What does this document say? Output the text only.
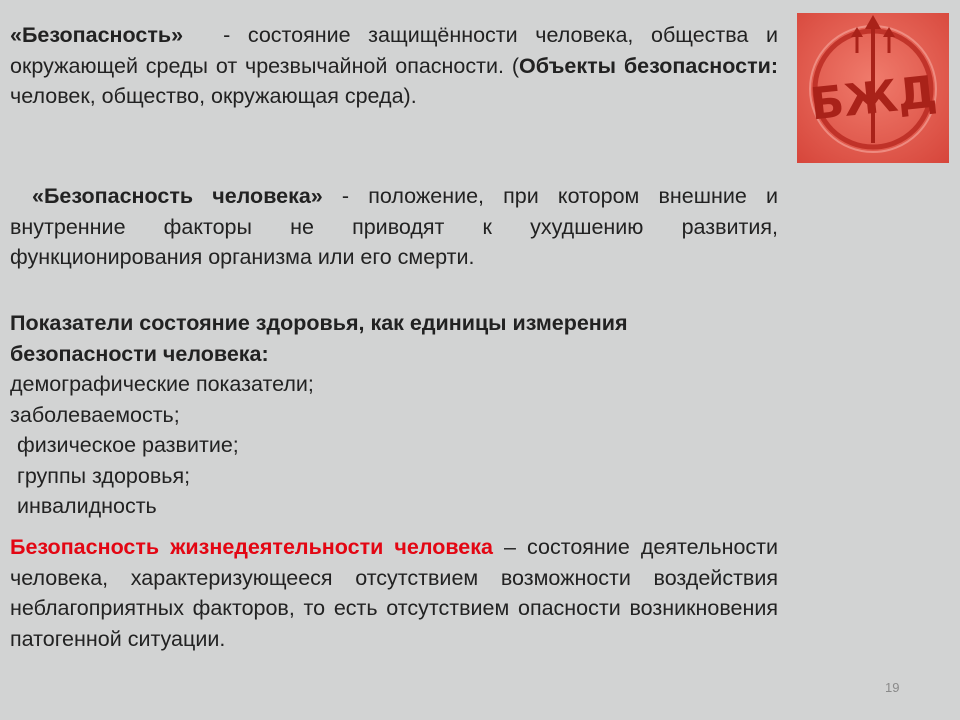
«Безопасность» - состояние защищённости человека, общества и окружающей среды от чрезвычайной опасности. (Объекты безопасности: человек, общество, окружающая среда).
«Безопасность человека» - положение, при котором внешние и внутренние факторы не приводят к ухудшению развития, функционирования организма или его смерти.
Показатели состояние здоровья, как единицы измерения безопасности человека:
демографические показатели;
заболеваемость;
физическое развитие;
группы здоровья;
инвалидность
Безопасность жизнедеятельности человека – состояние деятельности человека, характеризующееся отсутствием возможности воздействия неблагоприятных факторов, то есть отсутствием опасности возникновения патогенной ситуации.
БЖД
19
